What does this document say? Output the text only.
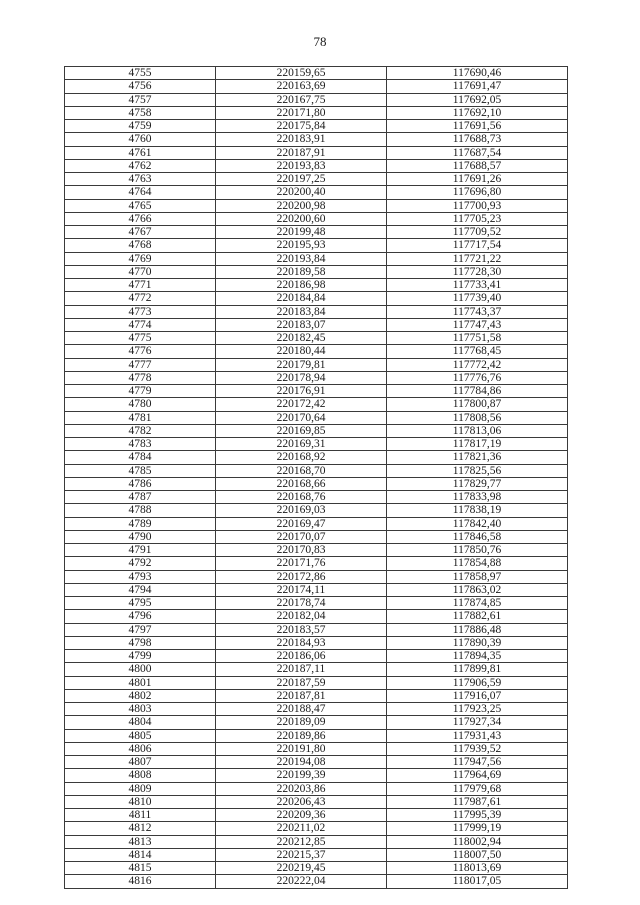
78
4755	220159,65	117690,46
4756	220163,69	117691,47
4757	220167,75	117692,05
4758	220171,80	117692,10
4759	220175,84	117691,56
4760	220183,91	117688,73
4761	220187,91	117687,54
4762	220193,83	117688,57
4763	220197,25	117691,26
4764	220200,40	117696,80
4765	220200,98	117700,93
4766	220200,60	117705,23
4767	220199,48	117709,52
4768	220195,93	117717,54
4769	220193,84	117721,22
4770	220189,58	117728,30
4771	220186,98	117733,41
4772	220184,84	117739,40
4773	220183,84	117743,37
4774	220183,07	117747,43
4775	220182,45	117751,58
4776	220180,44	117768,45
4777	220179,81	117772,42
4778	220178,94	117776,76
4779	220176,91	117784,86
4780	220172,42	117800,87
4781	220170,64	117808,56
4782	220169,85	117813,06
4783	220169,31	117817,19
4784	220168,92	117821,36
4785	220168,70	117825,56
4786	220168,66	117829,77
4787	220168,76	117833,98
4788	220169,03	117838,19
4789	220169,47	117842,40
4790	220170,07	117846,58
4791	220170,83	117850,76
4792	220171,76	117854,88
4793	220172,86	117858,97
4794	220174,11	117863,02
4795	220178,74	117874,85
4796	220182,04	117882,61
4797	220183,57	117886,48
4798	220184,93	117890,39
4799	220186,06	117894,35
4800	220187,11	117899,81
4801	220187,59	117906,59
4802	220187,81	117916,07
4803	220188,47	117923,25
4804	220189,09	117927,34
4805	220189,86	117931,43
4806	220191,80	117939,52
4807	220194,08	117947,56
4808	220199,39	117964,69
4809	220203,86	117979,68
4810	220206,43	117987,61
4811	220209,36	117995,39
4812	220211,02	117999,19
4813	220212,85	118002,94
4814	220215,37	118007,50
4815	220219,45	118013,69
4816	220222,04	118017,05
